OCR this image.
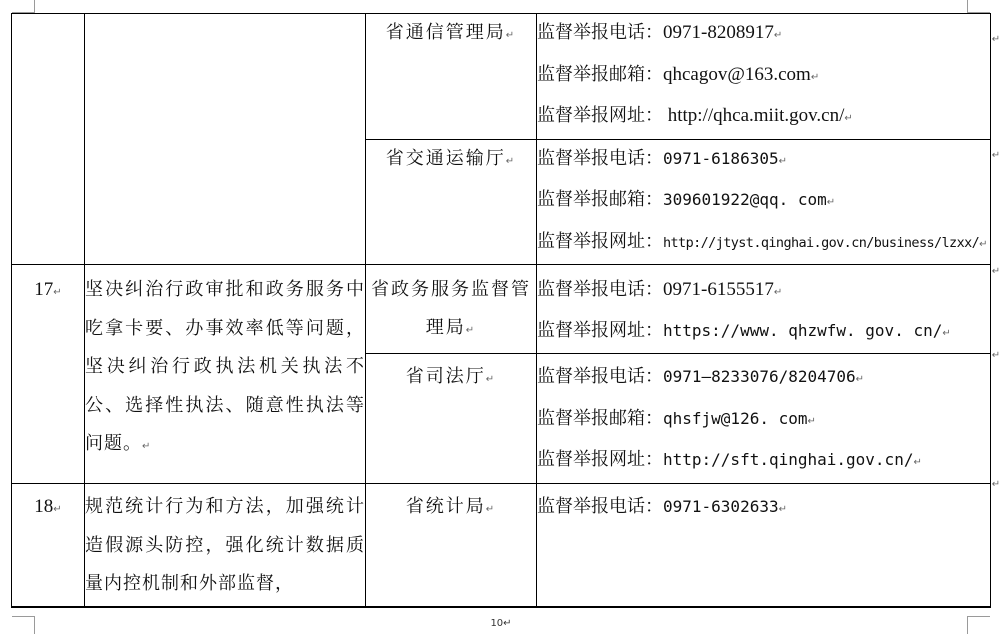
		省通信管理局↵	监督举报电话：0971-8208917↵
监督举报邮箱：qhcagov@163.com↵
监督举报网址： http://qhca.miit.gov.cn/↵

		省交通运输厅↵	监督举报电话：0971-6186305↵
监督举报邮箱：309601922@qq. com↵
监督举报网址：http://jtyst.qinghai.gov.cn/business/lzxx/↵

17↵	坚决纠治行政审批和政务服务中吃拿卡要、办事效率低等问题，坚决纠治行政执法机关执法不公、选择性执法、随意性执法等问题。↵	省政务服务监督管理局↵	监督举报电话：0971-6155517↵
监督举报网址：https://www. qhzwfw. gov. cn/↵

		省司法厅↵	监督举报电话：0971—8233076/8204706↵
监督举报邮箱：qhsfjw@126. com↵
监督举报网址：http://sft.qinghai.gov.cn/↵

18↵	规范统计行为和方法，加强统计造假源头防控，强化统计数据质量内控机制和外部监督，	省统计局↵	监督举报电话：0971-6302633↵
↵
↵
↵
↵
↵
10↵
